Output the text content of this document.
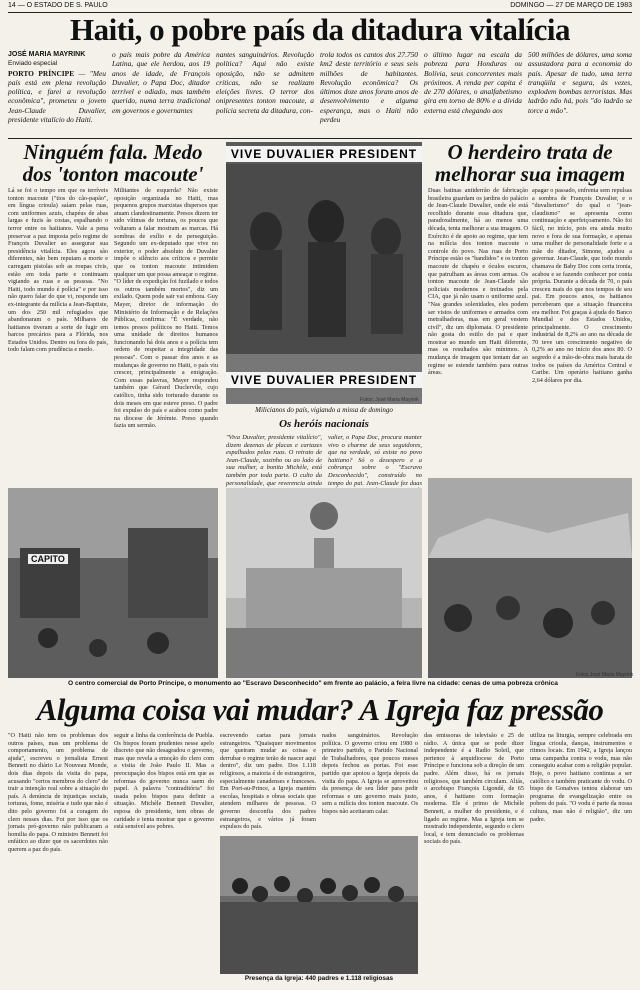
14 — O ESTADO DE S. PAULO	DOMINGO — 27 DE MARÇO DE 1983
Haiti, o pobre país da ditadura vitalícia
JOSÉ MARIA MAYRINK
Enviado especial
PORTO PRÍNCIPE — "Meu país está em plena revolução política, e farei a revolução econômica", prometeu o jovem Jean-Claude Duvalier, presidente vitalício do Haiti.
o país mais pobre da América Latina, que ele herdou, aos 19 anos de idade, de François Duvalier, o Papa Doc, ditador terrível e odiado, mas também querido, numa terra tradicional em governos e governantes
nantes sanguinários. Revolução política? Aqui não existe oposição, não se admitem críticas, não se realizam eleições livres. O terror dos onipresentes tonton macoute, a polícia secreta da ditadura, con-
trola todos os cantos dos 27.750 km2 deste território e seus seis milhões de habitantes. Revolução econômica? Os últimos doze anos foram anos de desenvolvimento e alguma esperança, mas o Haiti não perdeu
o último lugar na escala da pobreza para Honduras ou Bolívia, seus concorrentes mais próximos. A renda per capita é de 270 dólares, o analfabetismo gira em torno de 80% e a dívida externa está chegando aos
500 milhões de dólares, uma soma assustadora para a economia do país. Apesar de tudo, uma terra tranqüila e segura, às vezes, explodem bombas terroristas. Mas ladrão não há, pois "do ladrão se torce a mão".
Ninguém fala. Medo dos 'tonton macoute'
Lá se foi o tempo em que os terríveis tonton macoute ("tios do cão-papão", em língua crioula) saíam pelas ruas, com uniformes azuis, chapéus de abas largas e fuzis às costas, espalhando o terror entre os haitianos. Vale a pena preservar a paz imposta pelo regime de François Duvalier ao assegurar sua presidência vitalícia. Eles agora são diferentes, não bem reputam a morte e carregam pistolas sob as roupas civis, estão em toda parte e continuam vigiando as ruas e as pessoas. "No Haiti, todo mundo é polícia" e por isso não quero falar do que vi, responde um ex-integrante da milícia a Jean-Baptiste, um dos 250 mil refugiados que abandonaram o país. Milhares de haitianos tiveram a sorte de fugir em barcos precários para a Flórida, nos Estados Unidos. Dentro ou fora do país, todo falam com prudência e medo.
Militantes de esquerda? Não existe oposição organizada no Haiti, mas pequenos grupos marxistas dispersos que atuam clandestinamente. Presos dizem ter sido vítimas de torturas, os poucos que voltaram a falar mostram as marcas. Há sombras de exílio e de perseguição. Segundo um ex-deputado que vive no exterior, o poder absoluto de Duvalier impõe o silêncio aos críticos e permite que os tonton macoute intimidem qualquer um que possa ameaçar o regime. "O líder de expedição foi fuzilado e todos os outros também mortos", diz um exilado. Quem pode sair vai embora. Guy Mayer, diretor de informação do Ministério de Informação e de Relações Públicas, confirma: "É verdade, não temos presos políticos no Haiti. Temos uma unidade de direitos humanos funcionando há dois anos e a polícia tem ordem de respeitar a integridade das pessoas". Com o passar dos anos e as mudanças de governo no Haiti, o país viu crescer, principalmente a emigração. Com essas palavras, Mayer respondeu também que Gérard Duclervile, cujo católico, tinha sido torturado durante os dois meses em que esteve preso. O padre foi expulso do país e acabou como padre na diocese de Jérémie. Preso quando fazia um sermão.
VIVE DUVALIER PRESIDENT
VIVE DUVALIER PRESIDENT
Milicianos do país, vigiando a missa de domingo
Fotos: José Maria Mayrink
Os heróis nacionais
"Viva Duvalier, presidente vitalício", dizem dezenas de placas e cartazes espalhados pelas ruas. O retrato de Jean-Claude, sozinho ou ao lado de sua mulher, a bonita Michèle, está também por toda parte. O culto da personalidade, que reverencia ainda
valier, o Papa Doc, procura manter vivo o charme de seus seguidores, que na verdade, só existe no povo haitiano? Só o desespero e a cobrança sobre o "Escravo Desconhecido", construído no tempo do pai. Jean-Claude fez duas
O herdeiro trata de melhorar sua imagem
Duas batinas antiderrão de fabricação brasileira guardam os jardins do palácio de Jean-Claude Duvalier, onde ele está recolhido durante essa ditadura que, paradoxalmente, há ao menos uma década, tenta melhorar a sua imagem. O Exército é de apoio ao regime, que tem na milícia dos tonton macoute o controle do povo. Nas ruas de Porto Príncipe estão os "bandidos" e os tonton macoute de chapéu e óculos escuros, que patrulham as áreas com armas. Os tonton macoute de Jean-Claude são policiais modernos e treinados pela CIA, que já não usam o uniforme azul. "Nas grandes solenidades, eles podem ser vistos de uniformes e armados com metralhadoras, mas em geral vestem civil", diz um diplomata. O presidente não gosta do estilo do pai e quer mostrar ao mundo um Haiti diferente, mas os resultados são mínimos. A mudança de imagem que tentam dar ao regime se estende também para outras áreas.
apagar o passado, enfrenta sem repulsas a sombra de François Duvalier, e o "duvalierismo" do qual o "jean-claudismo" se apresenta como continuação e aperfeiçoamento. Não foi fácil, no início, pois era ainda muito novo e fora de sua formação, e apenas uma mulher de personalidade forte e a mãe do ditador, Simone, ajudou a governar. Jean-Claude, que todo mundo chamava de Baby Doc com certa ironia, acabou e se fazendo conhecer por conta própria. Durante a década de 70, o país cresceu mais do que nos tempos de seu pai. Em poucos anos, os haitianos perceberam que a situação financeira era melhor. Foi graças à ajuda do Banco Mundial e dos Estados Unidos, principalmente. O crescimento industrial de 8,2% ao ano na década de 70 teve um crescimento negativo de 0,2% ao ano no início dos anos 80. O segredo é a mão-de-obra mais barata de todos os países da América Central e Caribe. Um operário haitiano ganha 2,64 dólares por dia.
CAPITO
O centro comercial de Porto Príncipe, o monumento ao "Escravo Desconhecido" em frente ao palácio, a feira livre na cidade: cenas de uma pobreza crônica
Fotos José Maria Mayrink
Alguma coisa vai mudar? A Igreja faz pressão
"O Haiti não tem os problemas dos outros países, mas um problema de comportamento, um problema de ajuda", escreveu o jornalista Ernest Bennett no diário Le Nouveau Monde, dois dias depois da visita do papa, acusando "certos membros do clero" de trair a intenção real sobre a situação do país. A denúncia de injustiças sociais, torturas, fome, miséria e tudo que não é dito pelo governo foi a coragem do clero nesses dias. Foi por isso que os jornais pró-governo não publicaram a homilia do papa. O ministro Bennett foi enfático ao dizer que os sacerdotes não querem a paz do país.
seguir a linha da conferência de Puebla. Os bispos foram prudentes nesse apelo discreto que não desagradou o governo, mas que revela a emoção do clero com a visita de João Paulo II. Mas a preocupação dos bispos está em que as reformas do governo nunca saem do papel. A palavra "contraditória" foi usada pelos bispos para definir a situação. Michèle Bennett Duvalier, esposa do presidente, tem obras de caridade e tenta mostrar que o governo está sensível aos pobres.
escrevendo cartas para jornais estrangeiros. "Quaisquer movimentos que queiram mudar as coisas e derrubar o regime terão de nascer aqui dentro", diz um padre. Dos 1.118 religiosos, a maioria é de estrangeiros, especialmente canadenses e franceses. Em Port-au-Prince, a Igreja mantém escolas, hospitais e obras sociais que atendem milhares de pessoas. O governo desconfia dos padres estrangeiros, e vários já foram expulsos do país.
nados sanguinários. Revolução política. O governo criou em 1980 o primeiro partido, o Partido Nacional de Trabalhadores, que poucos meses depois fechou as portas. Foi esse partido que apoiou a Igreja depois da visita do papa. A Igreja se aproveitou da presença de seu líder para pedir reformas e um governo mais justo, sem a milícia dos tonton macoute. Os bispos não aceitaram calar.
Presença da Igreja: 440 padres e 1.118 religiosas
das emissoras de televisão e 25 de rádio. A única que se pode dizer independente é a Radio Soleil, que pertence à arquidiocese de Porto Príncipe e funciona sob a direção de um padre. Além disso, há os jornais religiosos, que também circulam. Aliás, o arcebispo François Ligondé, de 65 anos, é haitiano com formação moderna. Ele é primo de Michèle Bennett, a mulher do presidente, e é ligado ao regime. Mas a Igreja tem se mostrado independente, segundo o clero local, e tem denunciado os problemas sociais do país.
utiliza na liturgia, sempre celebrada em língua crioula, danças, instrumentos e ritmos locais. Em 1942, a Igreja lançou uma campanha contra o vodu, mas não conseguiu acabar com a religião popular. Hoje, o povo haitiano continua a ser católico e também praticante do vodu. O bispo de Gonaïves tentou elaborar um programa de evangelização entre os pobres do país. "O vodu é parte da nossa cultura, mas não é religião", diz um padre.
